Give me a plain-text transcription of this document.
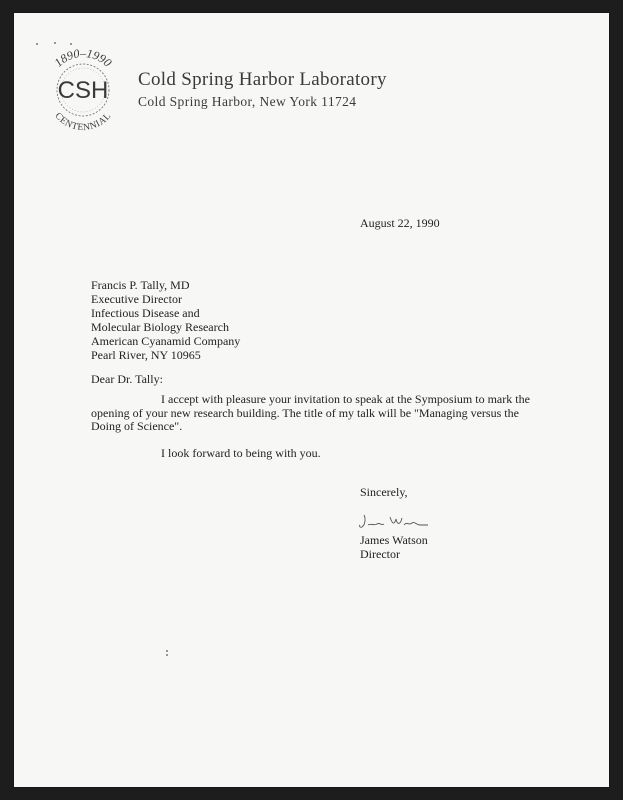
1890–1990
CSH
CENTENNIAL
Cold Spring Harbor Laboratory
Cold Spring Harbor, New York 11724
August 22, 1990
Francis P. Tally, MD
Executive Director
Infectious Disease and
Molecular Biology Research
American Cyanamid Company
Pearl River, NY 10965
Dear Dr. Tally:

I accept with pleasure your invitation to speak at the Symposium to mark the opening of your new research building. The title of my talk will be "Managing versus the Doing of Science".

I look forward to being with you.

Sincerely,
James Watson
Director
